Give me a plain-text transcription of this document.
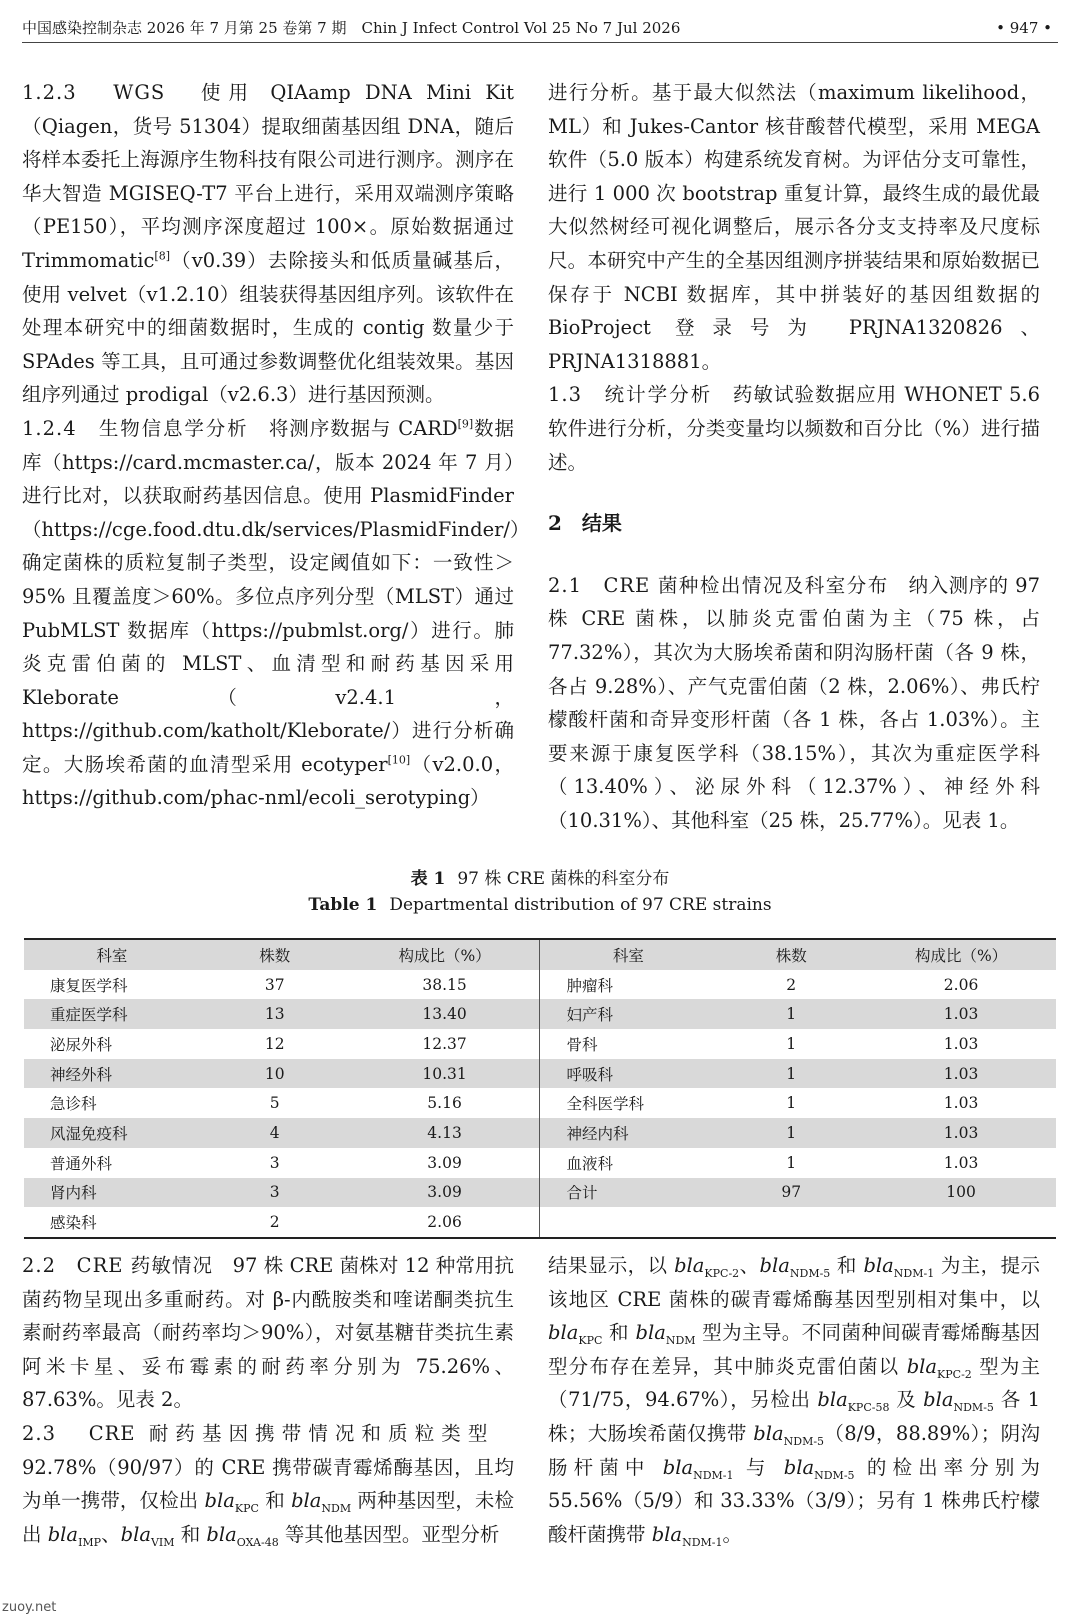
中国感染控制杂志 2026 年 7 月第 25 卷第 7 期　Chin J Infect Control Vol 25 No 7 Jul 2026	• 947 •

1.2.3　WGS　使用 QIAamp DNA Mini Kit（Qiagen，货号 51304）提取细菌基因组 DNA，随后将样本委托上海源序生物科技有限公司进行测序。测序在华大智造 MGISEQ-T7 平台上进行，采用双端测序策略（PE150），平均测序深度超过 100×。原始数据通过 Trimmomatic[8]（v0.39）去除接头和低质量碱基后，使用 velvet（v1.2.10）组装获得基因组序列。该软件在处理本研究中的细菌数据时，生成的 contig 数量少于 SPAdes 等工具，且可通过参数调整优化组装效果。基因组序列通过 prodigal（v2.6.3）进行基因预测。

1.2.4　生物信息学分析　将测序数据与 CARD[9]数据库（https://card.mcmaster.ca/，版本 2024 年 7 月）进行比对，以获取耐药基因信息。使用 PlasmidFinder（https://cge.food.dtu.dk/services/PlasmidFinder/）确定菌株的质粒复制子类型，设定阈值如下：一致性＞95% 且覆盖度＞60%。多位点序列分型（MLST）通过 PubMLST 数据库（https://pubmlst.org/）进行。肺炎克雷伯菌的 MLST、血清型和耐药基因采用 Kleborate（v2.4.1，https://github.com/katholt/Kleborate/）进行分析确定。大肠埃希菌的血清型采用 ecotyper[10]（v2.0.0，https://github.com/phac-nml/ecoli_serotyping）

进行分析。基于最大似然法（maximum likelihood，ML）和 Jukes-Cantor 核苷酸替代模型，采用 MEGA 软件（5.0 版本）构建系统发育树。为评估分支可靠性，进行 1 000 次 bootstrap 重复计算，最终生成的最优最大似然树经可视化调整后，展示各分支支持率及尺度标尺。本研究中产生的全基因组测序拼装结果和原始数据已保存于 NCBI 数据库，其中拼装好的基因组数据的 BioProject 登录号为 PRJNA1320826、PRJNA1318881。

1.3　统计学分析　药敏试验数据应用 WHONET 5.6 软件进行分析，分类变量均以频数和百分比（%）进行描述。

2　结果

2.1　CRE 菌种检出情况及科室分布　纳入测序的 97 株 CRE 菌株，以肺炎克雷伯菌为主（75 株，占 77.32%），其次为大肠埃希菌和阴沟肠杆菌（各 9 株，各占 9.28%）、产气克雷伯菌（2 株，2.06%）、弗氏柠檬酸杆菌和奇异变形杆菌（各 1 株，各占 1.03%）。主要来源于康复医学科（38.15%），其次为重症医学科（13.40%）、泌尿外科（12.37%）、神经外科（10.31%）、其他科室（25 株，25.77%）。见表 1。

表 1 97 株 CRE 菌株的科室分布
Table 1 Departmental distribution of 97 CRE strains
科室	株数	构成比（%）	科室	株数	构成比（%）
康复医学科	37	38.15	肿瘤科	2	2.06
重症医学科	13	13.40	妇产科	1	1.03
泌尿外科	12	12.37	骨科	1	1.03
神经外科	10	10.31	呼吸科	1	1.03
急诊科	5	5.16	全科医学科	1	1.03
风湿免疫科	4	4.13	神经内科	1	1.03
普通外科	3	3.09	血液科	1	1.03
肾内科	3	3.09	合计	97	100
感染科	2	2.06			

2.2　CRE 药敏情况　97 株 CRE 菌株对 12 种常用抗菌药物呈现出多重耐药。对 β-内酰胺类和喹诺酮类抗生素耐药率最高（耐药率均＞90%），对氨基糖苷类抗生素阿米卡星、妥布霉素的耐药率分别为 75.26%、87.63%。见表 2。

2.3　CRE 耐药基因携带情况和质粒类型　92.78%（90/97）的 CRE 携带碳青霉烯酶基因，且均为单一携带，仅检出 bla$_{KPC}$ 和 bla$_{NDM}$ 两种基因型，未检出 bla$_{IMP}$、bla$_{VIM}$ 和 bla$_{OXA-48}$ 等其他基因型。亚型分析

结果显示，以 bla$_{KPC-2}$、bla$_{NDM-5}$ 和 bla$_{NDM-1}$ 为主，提示该地区 CRE 菌株的碳青霉烯酶基因型别相对集中，以 bla$_{KPC}$ 和 bla$_{NDM}$ 型为主导。不同菌种间碳青霉烯酶基因型分布存在差异，其中肺炎克雷伯菌以 bla$_{KPC-2}$ 型为主（71/75，94.67%），另检出 bla$_{KPC-58}$ 及 bla$_{NDM-5}$ 各 1 株；大肠埃希菌仅携带 bla$_{NDM-5}$（8/9，88.89%）；阴沟肠杆菌中 bla$_{NDM-1}$ 与 bla$_{NDM-5}$ 的检出率分别为 55.56%（5/9）和 33.33%（3/9）；另有 1 株弗氏柠檬酸杆菌携带 bla$_{NDM-1}$。

zuoy.net
